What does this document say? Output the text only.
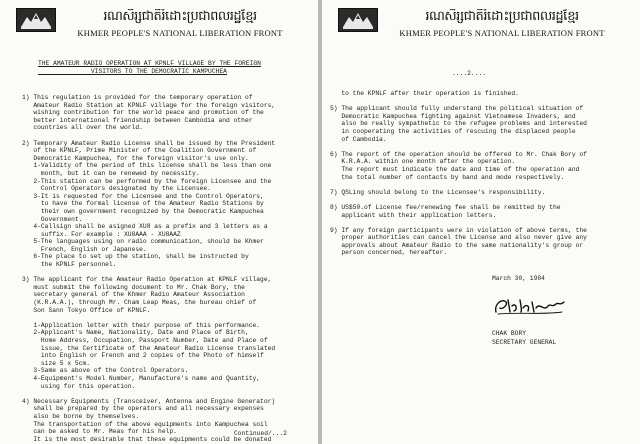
រណសិរ្សជាតិរំដោះប្រជាពលរដ្ឋខ្មែរ
KHMER PEOPLE'S NATIONAL LIBERATION FRONT
THE AMATEUR RADIO OPERATION AT KPNLF VILLAGE BY THE FOREIGN
VISITORS TO THE DEMOCRATIC KAMPUCHEA
1) This regulation is provided for the temporary operation of
Amateur Radio Station at KPNLF village for the foreign visitors,
wishing contribution for the world peace and promotion of the
better international friendship between Cambodia and other
countries all over the world.

2) Temporary Amateur Radio License shall be issued by the President
of the KPNLF, Prime Minister of the Coalition Government of
Democratic Kampuchea, for the foreign visitor's use only.
1-Validity of the period of this license shall be less than one
month, but it can be renewed by necessity.
2-This station can be performed by the foreign Licensee and the
Control Operators designated by the Licensee.
3-It is requested for the Licensee and the Control Operators,
to have the formal license of the Amateur Radio Stations by
their own government recognized by the Democratic Kampuchea
Government.
4-Callsign shall be asigned XU8 as a prefix and 3 letters as a
suffix. For example : XU8AAA - XU8AAZ
5-The languages using on radio communication, should be Khmer
French, English or Japanese.
6-The place to set up the station, shall be instructed by
the KPNLF personnel.

3) The applicant for the Amateur Radio Operation at KPNLF village,
must submit the following document to Mr. Chak Bory, the
secretary general of the Khmer Radio Amateur Association
(K.R.A.A.), through Mr. Cham Leap Meas, the bureau chief of
Son Sann Tokyo Office of KPNLF.

1-Application letter with their purpose of this performance.
2-Applicant's Name, Nationality, Date and Place of Birth,
Home Address, Occupation, Passport Number, Date and Place of
issue, the Certificate of the Amateur Radio License translated
into English or French and 2 copies of the Photo of himself
size 5 x 5cm.
3-Same as above of the Control Operators.
4-Equipment's Model Number, Manufacture's name and Quantity,
using for this operation.

4) Necessary Equipments (Transceiver, Antenna and Engine Generator)
shall be prepared by the operators and all necessary expenses
also be borne by themselves.
The transportation of the above equipments into Kampuchea soil
can be asked to Mr. Meas for his help.
It is the most desirable that these equipments could be donated
Continued/...2
រណសិរ្សជាតិរំដោះប្រជាពលរដ្ឋខ្មែរ
KHMER PEOPLE'S NATIONAL LIBERATION FRONT
....2....
to the KPNLF after their operation is finished.

5) The applicant should fully understand the political situation of
Democratic Kampuchea fighting against Vietnamese Invaders, and
also be really sympathetic to the refugee problems and interested
in cooperating the activities of rescuing the displaced people
of Cambodia.

6) The report of the operation should be offered to Mr. Chak Bory of
K.R.A.A. within one month after the operation.
The report must indicate the date and time of the operation and
the total number of contacts by band and mode respectively.

7) QSLing should belong to the Licensee's responsibility.

8) US$50.of License fee/renewing fee shall be remitted by the
applicant with their application letters.

9) If any foreign participants were in violation of above terms, the
proper authorities can cancel the License and also never give any
approvals about Amateur Radio to the same nationality's group or
person concerned, hereafter.
March 30, 1984
CHAK BORY
SECRETARY GENERAL
